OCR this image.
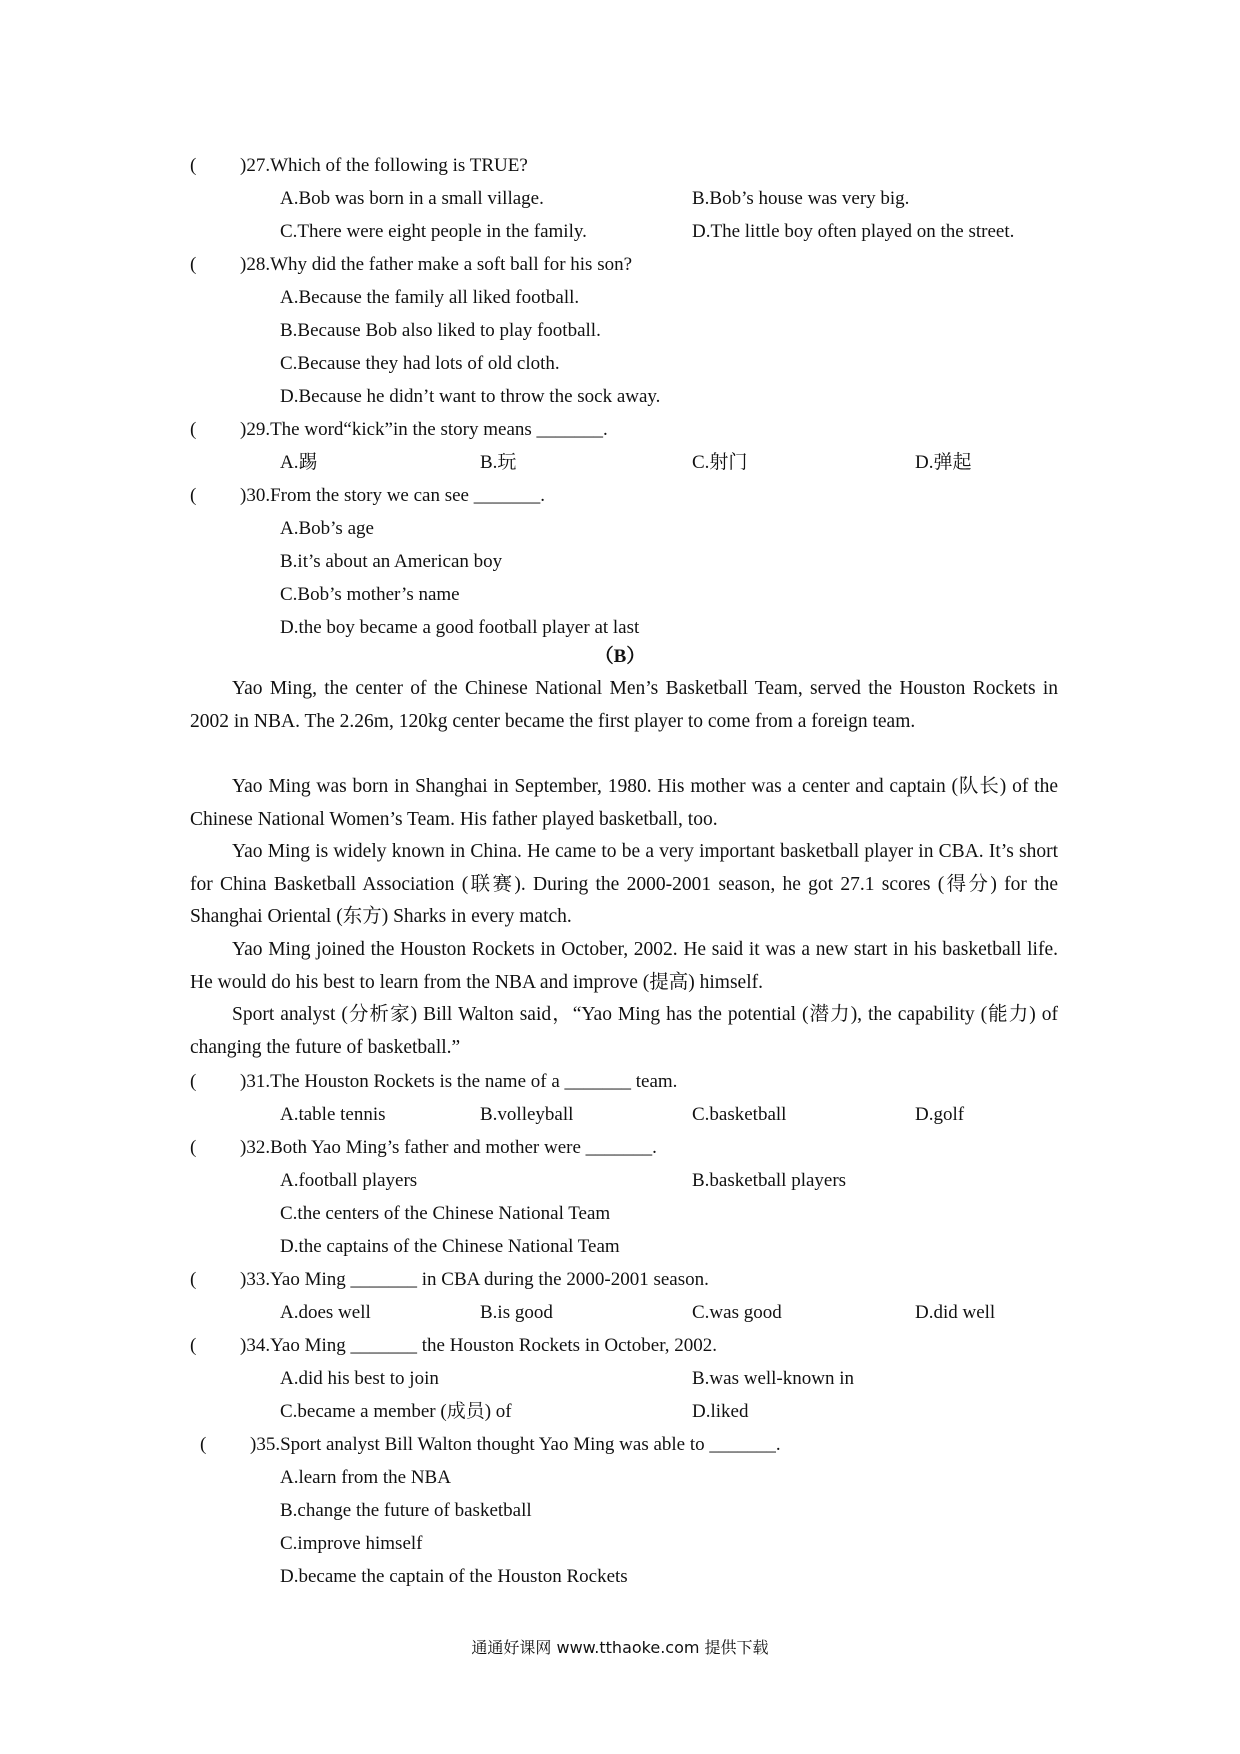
( )27.Which of the following is TRUE?
A.Bob was born in a small village.	B.Bob’s house was very big.
C.There were eight people in the family.	D.The little boy often played on the street.
( )28.Why did the father make a soft ball for his son?
A.Because the family all liked football.
B.Because Bob also liked to play football.
C.Because they had lots of old cloth.
D.Because he didn’t want to throw the sock away.
( )29.The word“kick”in the story means _______.
A.踢	B.玩	C.射门	D.弹起
( )30.From the story we can see _______.
A.Bob’s age
B.it’s about an American boy
C.Bob’s mother’s name
D.the boy became a good football player at last
（B）
Yao Ming, the center of the Chinese National Men’s Basketball Team, served the Houston Rockets in 2002 in NBA. The 2.26m, 120kg center became the first player to come from a foreign team.
Yao Ming was born in Shanghai in September, 1980. His mother was a center and captain (队长) of the Chinese National Women’s Team. His father played basketball, too.
Yao Ming is widely known in China. He came to be a very important basketball player in CBA. It’s short for China Basketball Association (联赛). During the 2000-2001 season, he got 27.1 scores (得分) for the Shanghai Oriental (东方) Sharks in every match.
Yao Ming joined the Houston Rockets in October, 2002. He said it was a new start in his basketball life. He would do his best to learn from the NBA and improve (提高) himself.
Sport analyst (分析家) Bill Walton said，“Yao Ming has the potential (潜力), the capability (能力) of changing the future of basketball.”
( )31.The Houston Rockets is the name of a _______ team.
A.table tennis	B.volleyball	C.basketball	D.golf
( )32.Both Yao Ming’s father and mother were _______.
A.football players	B.basketball players
C.the centers of the Chinese National Team
D.the captains of the Chinese National Team
( )33.Yao Ming _______ in CBA during the 2000-2001 season.
A.does well	B.is good	C.was good	D.did well
( )34.Yao Ming _______ the Houston Rockets in October, 2002.
A.did his best to join	B.was well-known in
C.became a member (成员) of	D.liked
( )35.Sport analyst Bill Walton thought Yao Ming was able to _______.
A.learn from the NBA
B.change the future of basketball
C.improve himself
D.became the captain of the Houston Rockets
通通好课网 www.tthaoke.com 提供下载
